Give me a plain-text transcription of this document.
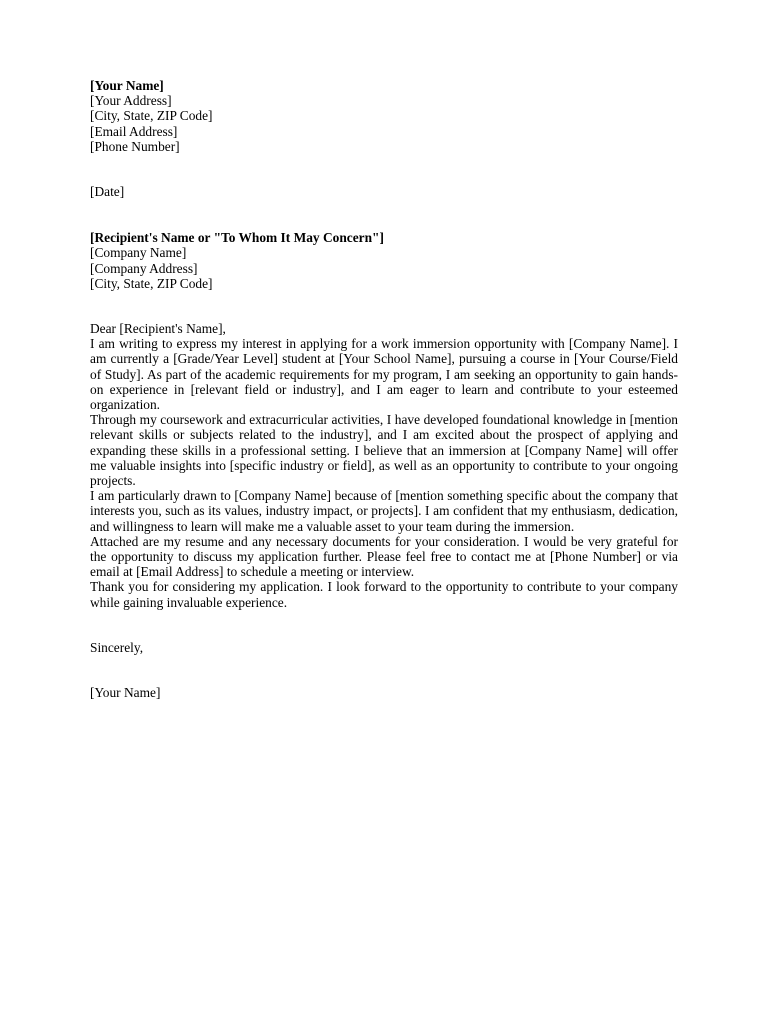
[Your Name]
[Your Address]
[City, State, ZIP Code]
[Email Address]
[Phone Number]
[Date]
[Recipient's Name or "To Whom It May Concern"]
[Company Name]
[Company Address]
[City, State, ZIP Code]
Dear [Recipient's Name],

I am writing to express my interest in applying for a work immersion opportunity with [Company Name]. I am currently a [Grade/Year Level] student at [Your School Name], pursuing a course in [Your Course/Field of Study]. As part of the academic requirements for my program, I am seeking an opportunity to gain hands-on experience in [relevant field or industry], and I am eager to learn and contribute to your esteemed organization.

Through my coursework and extracurricular activities, I have developed foundational knowledge in [mention relevant skills or subjects related to the industry], and I am excited about the prospect of applying and expanding these skills in a professional setting. I believe that an immersion at [Company Name] will offer me valuable insights into [specific industry or field], as well as an opportunity to contribute to your ongoing projects.

I am particularly drawn to [Company Name] because of [mention something specific about the company that interests you, such as its values, industry impact, or projects]. I am confident that my enthusiasm, dedication, and willingness to learn will make me a valuable asset to your team during the immersion.

Attached are my resume and any necessary documents for your consideration. I would be very grateful for the opportunity to discuss my application further. Please feel free to contact me at [Phone Number] or via email at [Email Address] to schedule a meeting or interview.

Thank you for considering my application. I look forward to the opportunity to contribute to your company while gaining invaluable experience.

Sincerely,
[Your Name]
